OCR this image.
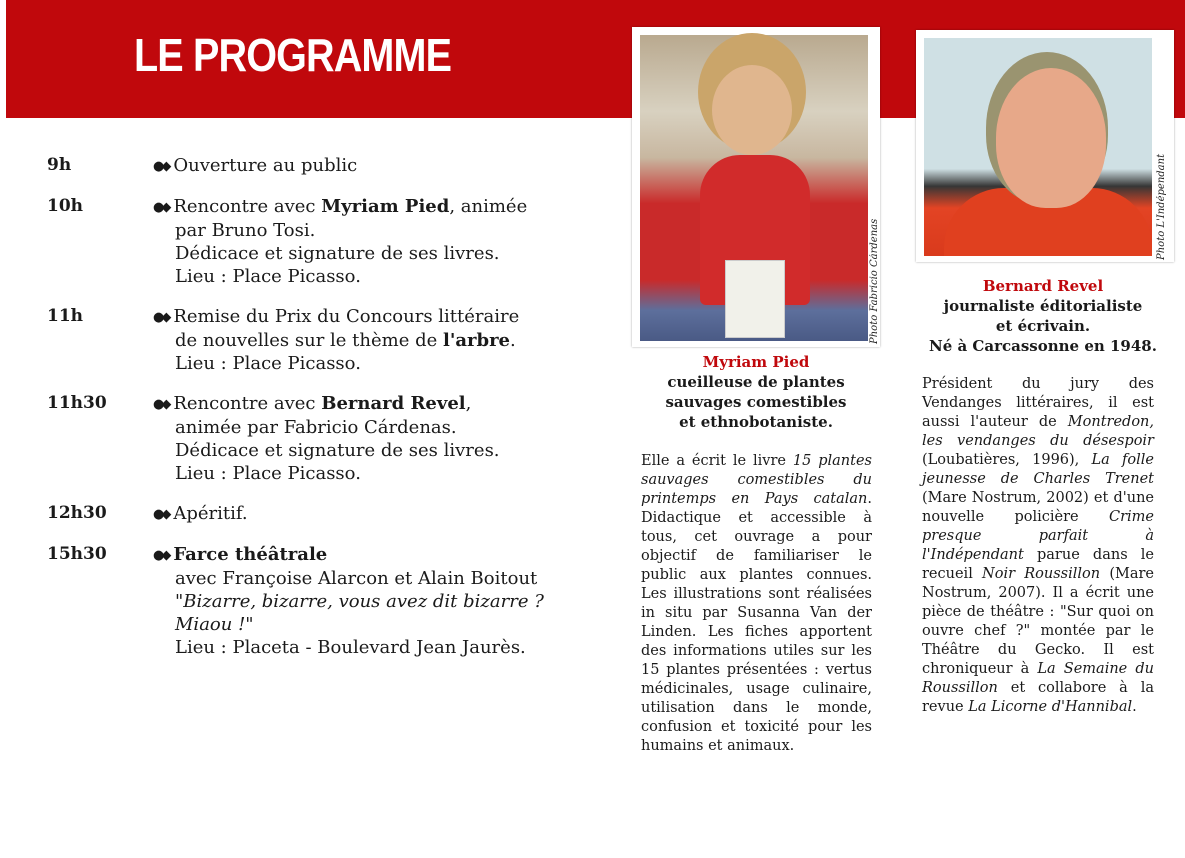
LE PROGRAMME
9h	●◆ Ouverture au public
10h	●◆ Rencontre avec Myriam Pied, animée
par Bruno Tosi.
Dédicace et signature de ses livres.
Lieu : Place Picasso.
11h	●◆ Remise du Prix du Concours littéraire
de nouvelles sur le thème de l'arbre.
Lieu : Place Picasso.
11h30	●◆ Rencontre avec Bernard Revel,
animée par Fabricio Cárdenas.
Dédicace et signature de ses livres.
Lieu : Place Picasso.
12h30	●◆ Apéritif.
15h30	●◆ Farce théâtrale
avec Françoise Alarcon et Alain Boitout
"Bizarre, bizarre, vous avez dit bizarre ?
Miaou !"
Lieu : Placeta - Boulevard Jean Jaurès.
Photo Fabricio Cárdenas
Photo L'Indépendant
Myriam Pied
cueilleuse de plantes
sauvages comestibles
et ethnobotaniste.
Bernard Revel
journaliste éditorialiste
et écrivain.
Né à Carcassonne en 1948.
Elle a écrit le livre 15 plantes sauvages comestibles du printemps en Pays catalan. Didactique et accessible à tous, cet ouvrage a pour objectif de familiariser le public aux plantes connues. Les illustrations sont réalisées in situ par Susanna Van der Linden. Les fiches apportent des informations utiles sur les 15 plantes présentées : vertus médicinales, usage culinaire, utilisation dans le monde, confusion et toxicité pour les humains et animaux.
Président du jury des Vendanges littéraires, il est aussi l'auteur de Montredon, les vendanges du désespoir (Loubatières, 1996), La folle jeunesse de Charles Trenet (Mare Nostrum, 2002) et d'une nouvelle policière Crime presque parfait à l'Indépendant parue dans le recueil Noir Roussillon (Mare Nostrum, 2007). Il a écrit une pièce de théâtre : "Sur quoi on ouvre chef ?" montée par le Théâtre du Gecko. Il est chroniqueur à La Semaine du Roussillon et collabore à la revue La Licorne d'Hannibal.
